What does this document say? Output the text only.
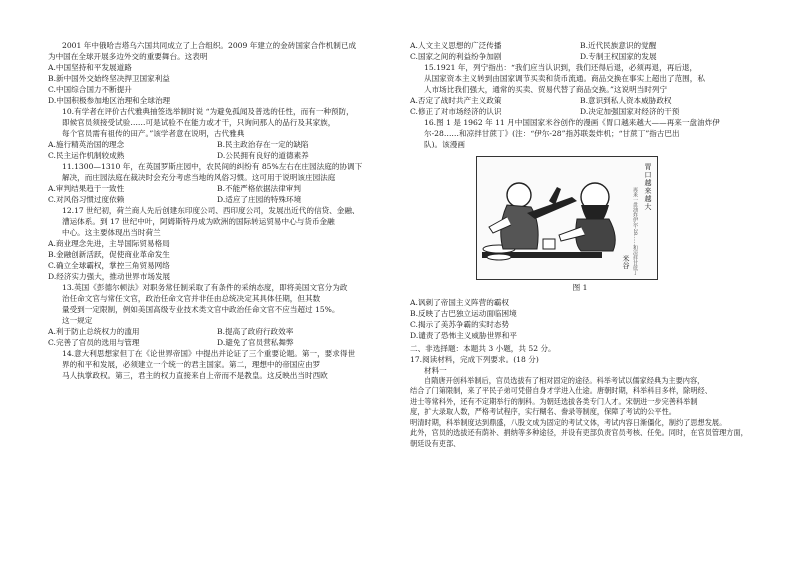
2001 年中俄哈吉塔乌六国共同成立了上合组织。2009 年建立的金砖国家合作机制已成

为中国在全球开展多边外交的重要舞台。这表明

A.中国坚持和平发展道路

B.新中国外交始终坚决捍卫国家利益

C.中国综合国力不断提升

D.中国积极参加地区治理和全球治理

10.有学者在评价古代雅典抽签选举制时说 “为避免孤闻及普选的任性，而有一种预防，

即候官员须接受试验……可是试验不在能力或才干，只询问那人的品行及其家族，

每个官员需有祖传的田产。”该学者意在说明，古代雅典

A.施行精英治国的理念	B.民主政治存在一定的缺陷
C.民主运作机制较成熟	D.公民拥有良好的道德素养

11.1300—1310 年，在英国罗斯庄园中，农民间的纠纷有 85%左右在庄园法庭的协调下

解决，而庄园法庭在裁决时会充分考虑当地的风俗习惯。这可用于说明该庄园法庭

A.审判结果趋于一致性	B.不能严格依据法律审判
C.对风俗习惯过度依赖	D.适应了庄园的特殊环境

12.17 世纪初，荷兰商人先后创建东印度公司、西印度公司，发展出近代的信贷、金融、

漕运体系。到 17 世纪中叶，阿姆斯特丹成为欧洲的国际转运贸易中心与货币金融

中心。这主要体现出当时荷兰

A.商业理念先进，主导国际贸易格局

B.金融创新活跃，促使商业革命发生

C.确立全球霸权，掌控三角贸易网络

D.经济实力强大，推动世界市场发展

13.英国《彭德尔顿法》对职务常任制采取了有条件的采纳态度，即将美国文官分为政

治任命文官与常任文官，政治任命文官并非任由总统决定其具体任期，但其数

量受到一定限制，例如美国高级专业技术类文官中政治任命文官不应当超过 15%。

这一规定

A.利于防止总统权力的滥用	B.提高了政府行政效率
C.完善了官员的选用与管理	D.避免了官员营私舞弊

14.意大利思想家但丁在《论世界帝国》中提出并论证了三个重要论题。第一，要求得世

界的和平和发展，必须建立一个统一的君主国家。第二，理想中的帝国应由罗

马人执掌政权。第三，君主的权力直接来自上帝而不是教皇。这反映出当时西欧

A.人文主义思想的广泛传播	B.近代民族意识的觉醒
C.国家之间的利益纷争加剧	D.专制王权国家的发展

15.1921 年，列宁指出：“我们应当认识到，我们还得后退，必须再退，再后退，

从国家资本主义转到由国家调节买卖和货币流通。商品交换在事实上超出了范围，私

人市场比我们强大，通常的买卖、贸易代替了商品交换。”这说明当时列宁

A.否定了战时共产主义政策	B.意识到私人资本威胁政权
C.修正了对市场经济的认识	D.决定加强国家对经济的干预

16.图 1 是 1962 年 11 月中国国家米谷创作的漫画《胃口越来越大——再来一盘油炸伊

尔-28……和凉拌甘蔗丁》(注：“伊尔-28”指苏联轰炸机；“甘蔗丁”指古巴出

队)。该漫画

胃口越来越大
再来一盘油炸伊尔-28……和凉拌甘蔗丁
米谷
图 1

A.讽刺了帝国主义阵营的霸权

B.反映了古巴独立运动面临困境

C.揭示了美苏争霸的实时态势

D.谴责了恐怖主义威胁世界和平

二、非选择题：本题共 3 小题，共 52 分。

17.阅读材料，完成下列要求。(18 分)

材料一

自隋唐开创科举制后，官员选拔有了相对固定的途径。科举考试以儒家经典为主要内容，

结合了门第限制，来了平民子弟可凭借自身才学进入仕途。唐朝时期，科举科目多样，除明经、

进士等常科外，还有不定期举行的制科。为朝廷选拔各类专门人才。宋朝进一步完善科举制

度，扩大录取人数，严格考试程序，实行糊名、誊录等制度，保障了考试的公平性。

明清时期，科举制度达到鼎盛，八股文成为固定的考试文体，考试内容日渐僵化，制约了思想发展。

此外，官员的选拔还有荫补、捐纳等多种途径，并设有吏部负责官员考核、任免。同时，在官员管理方面，朝廷设有吏部、
